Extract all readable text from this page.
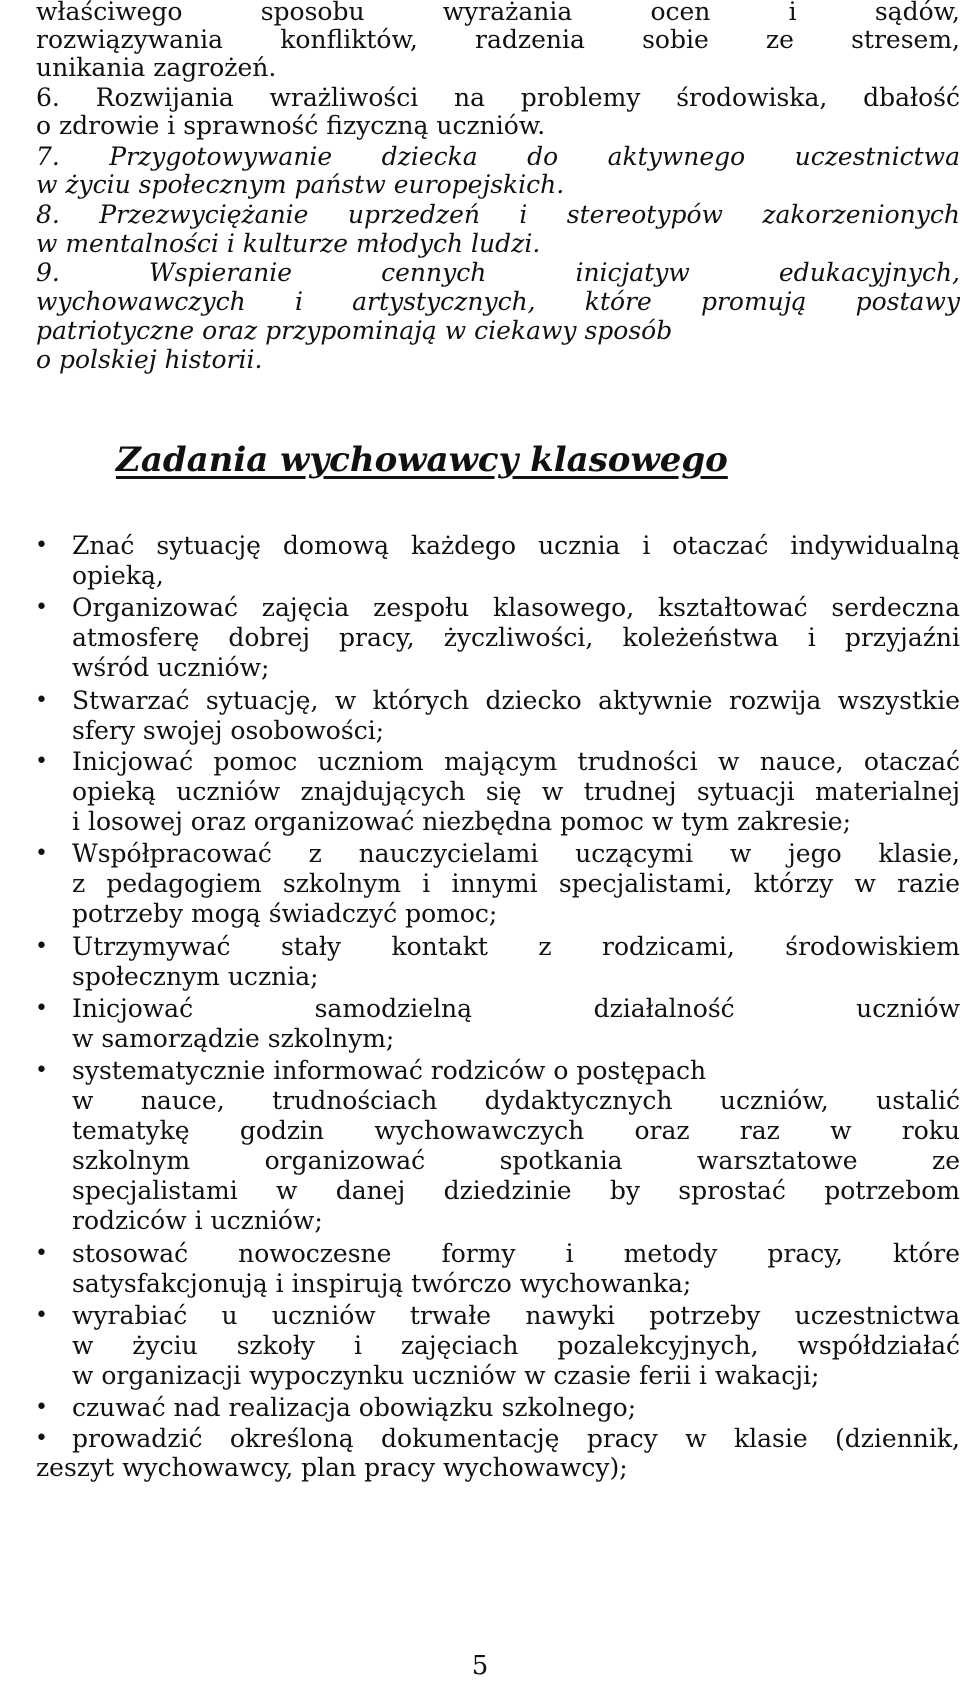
właściwego sposobu wyrażania ocen i sądów,
rozwiązywania konfliktów, radzenia sobie ze stresem,
unikania zagrożeń.
6. Rozwijania wrażliwości na problemy środowiska, dbałość
o zdrowie i sprawność fizyczną uczniów.
7. Przygotowywanie dziecka do aktywnego uczestnictwa
w życiu społecznym państw europejskich.
8. Przezwyciężanie uprzedzeń i stereotypów zakorzenionych
w mentalności i kulturze młodych ludzi.
9. Wspieranie cennych inicjatyw edukacyjnych,
wychowawczych i artystycznych, które promują postawy
patriotyczne oraz przypominają w ciekawy sposób
o polskiej historii.
Zadania wychowawcy klasowego
• Znać sytuację domową każdego ucznia i otaczać indywidualną
opieką,
• Organizować zajęcia zespołu klasowego, kształtować serdeczna
atmosferę dobrej pracy, życzliwości, koleżeństwa i przyjaźni
wśród uczniów;
• Stwarzać sytuację, w których dziecko aktywnie rozwija wszystkie
sfery swojej osobowości;
• Inicjować pomoc uczniom mającym trudności w nauce, otaczać
opieką uczniów znajdujących się w trudnej sytuacji materialnej
i losowej oraz organizować niezbędna pomoc w tym zakresie;
• Współpracować z nauczycielami uczącymi w jego klasie,
z pedagogiem szkolnym i innymi specjalistami, którzy w razie
potrzeby mogą świadczyć pomoc;
• Utrzymywać stały kontakt z rodzicami, środowiskiem
społecznym ucznia;
• Inicjować samodzielną działalność uczniów
w samorządzie szkolnym;
• systematycznie informować rodziców o postępach
w nauce, trudnościach dydaktycznych uczniów, ustalić
tematykę godzin wychowawczych oraz raz w roku
szkolnym organizować spotkania warsztatowe ze
specjalistami w danej dziedzinie by sprostać potrzebom
rodziców i uczniów;
• stosować nowoczesne formy i metody pracy, które
satysfakcjonują i inspirują twórczo wychowanka;
• wyrabiać u uczniów trwałe nawyki potrzeby uczestnictwa
w życiu szkoły i zajęciach pozalekcyjnych, współdziałać
w organizacji wypoczynku uczniów w czasie ferii i wakacji;
• czuwać nad realizacja obowiązku szkolnego;
• prowadzić określoną dokumentację pracy w klasie (dziennik,
zeszyt wychowawcy, plan pracy wychowawcy);
5
